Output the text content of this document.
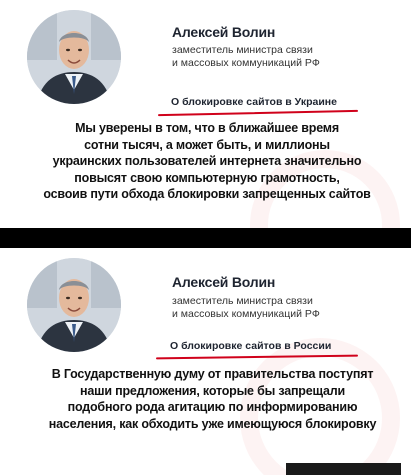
Алексей Волин
заместитель министра связи
и массовых коммуникаций РФ
О блокировке сайтов в Украине
Мы уверены в том, что в ближайшее время
сотни тысяч, а может быть, и миллионы
украинских пользователей интернета значительно
повысят свою компьютерную грамотность,
освоив пути обхода блокировки запрещенных сайтов
Алексей Волин
заместитель министра связи
и массовых коммуникаций РФ
О блокировке сайтов в России
В Государственную думу от правительства поступят
наши предложения, которые бы запрещали
подобного рода агитацию по информированию
населения, как обходить уже имеющуюся блокировку
